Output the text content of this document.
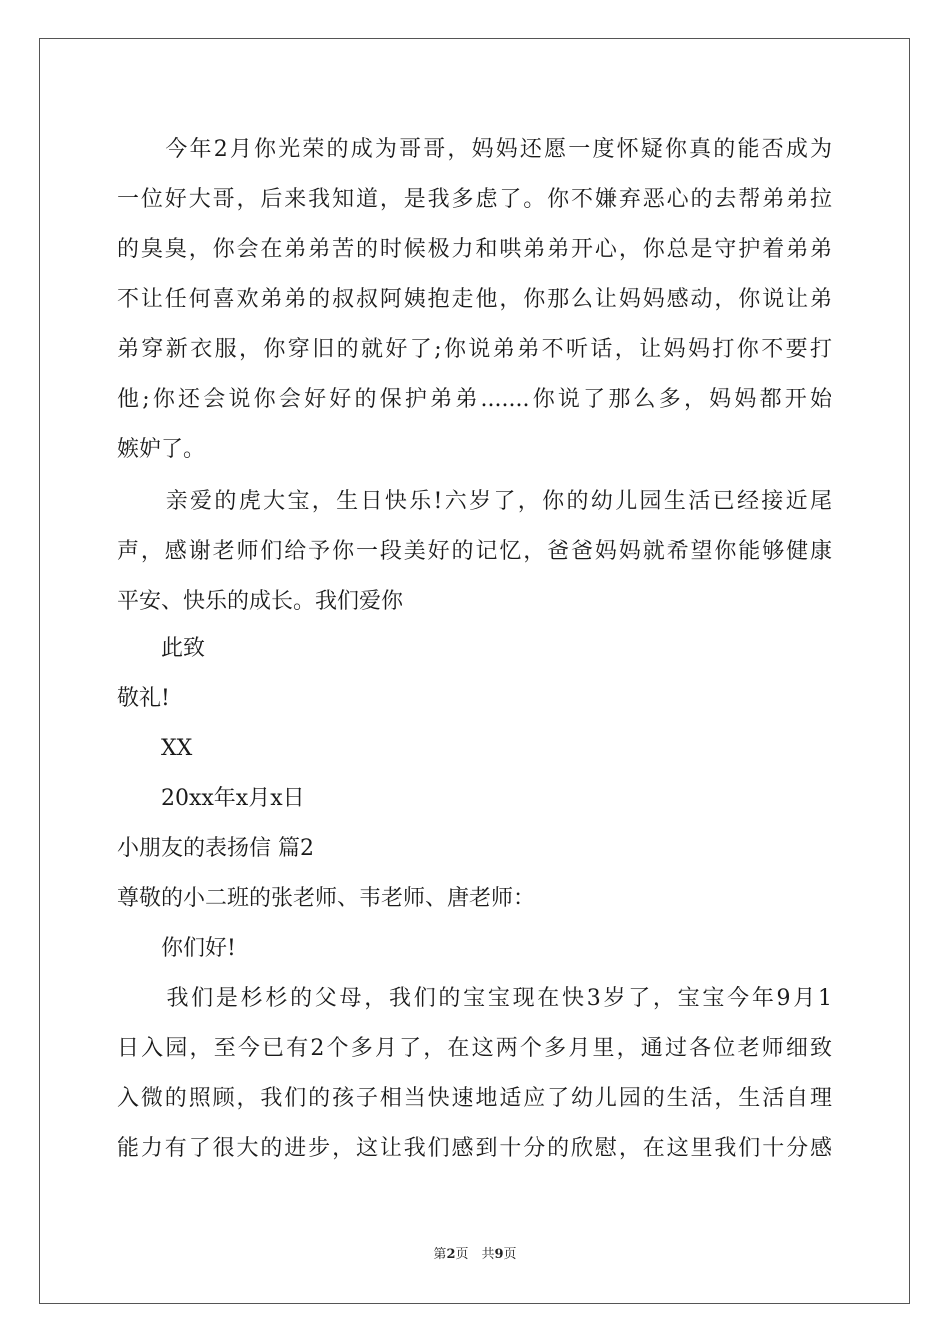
　　今年2月你光荣的成为哥哥，妈妈还愿一度怀疑你真的能否成为
一位好大哥，后来我知道，是我多虑了。你不嫌弃恶心的去帮弟弟拉
的臭臭，你会在弟弟苦的时候极力和哄弟弟开心，你总是守护着弟弟
不让任何喜欢弟弟的叔叔阿姨抱走他，你那么让妈妈感动，你说让弟
弟穿新衣服，你穿旧的就好了;你说弟弟不听话，让妈妈打你不要打
他;你还会说你会好好的保护弟弟.......你说了那么多，妈妈都开始
嫉妒了。
　　亲爱的虎大宝，生日快乐!六岁了，你的幼儿园生活已经接近尾
声，感谢老师们给予你一段美好的记忆，爸爸妈妈就希望你能够健康
平安、快乐的成长。我们爱你
　　此致
敬礼!
　　XX
　　20xx年x月x日
小朋友的表扬信 篇2
尊敬的小二班的张老师、韦老师、唐老师：
　　你们好!
　　我们是杉杉的父母，我们的宝宝现在快3岁了，宝宝今年9月1
日入园，至今已有2个多月了，在这两个多月里，通过各位老师细致
入微的照顾，我们的孩子相当快速地适应了幼儿园的生活，生活自理
能力有了很大的进步，这让我们感到十分的欣慰，在这里我们十分感
第2页　共9页
